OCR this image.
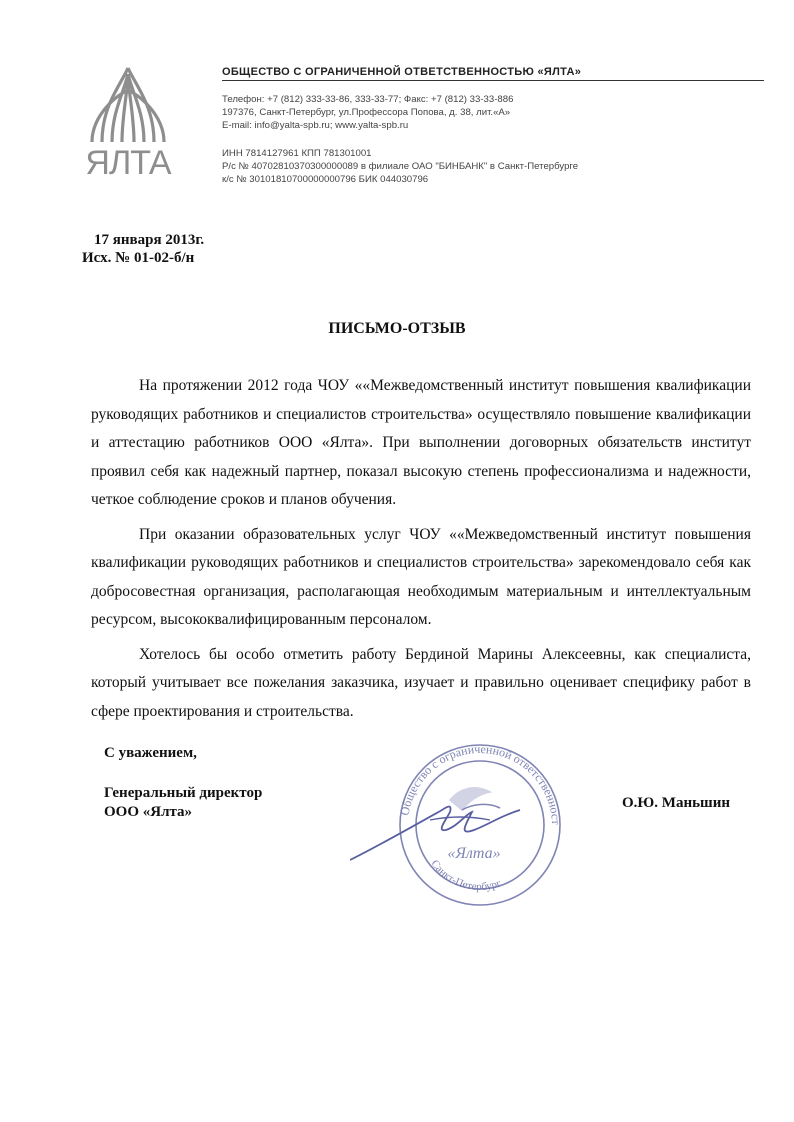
ЯЛТА
ОБЩЕСТВО С ОГРАНИЧЕННОЙ ОТВЕТСТВЕННОСТЬЮ «ЯЛТА»
Телефон: +7 (812) 333-33-86, 333-33-77; Факс: +7 (812) 33-33-886
197376, Санкт-Петербург, ул.Профессора Попова, д. 38, лит.«А»
E-mail: info@yalta-spb.ru; www.yalta-spb.ru
ИНН 7814127961 КПП 781301001
Р/с № 40702810370300000089 в филиале ОАО "БИНБАНК" в Санкт-Петербурге
к/с № 30101810700000000796 БИК 044030796
17 января 2013г.
Исх. № 01-02-б/н
ПИСЬМО-ОТЗЫВ

На протяжении 2012 года ЧОУ ««Межведомственный институт повышения квалификации руководящих работников и специалистов строительства» осуществляло повышение квалификации и аттестацию работников ООО «Ялта». При выполнении договорных обязательств институт проявил себя как надежный партнер, показал высокую степень профессионализма и надежности, четкое соблюдение сроков и планов обучения.

При оказании образовательных услуг ЧОУ ««Межведомственный институт повышения квалификации руководящих работников и специалистов строительства» зарекомендовало себя как добросовестная организация, располагающая необходимым материальным и интеллектуальным ресурсом, высококвалифицированным персоналом.

Хотелось бы особо отметить работу Бердиной Марины Алексеевны, как специалиста, который учитывает все пожелания заказчика, изучает и правильно оценивает специфику работ в сфере проектирования и строительства.

С уважением,
Генеральный директор
ООО «Ялта»
О.Ю. Маньшин
Общество с ограниченной ответственност
Санкт-Петербург
«Ялта»
